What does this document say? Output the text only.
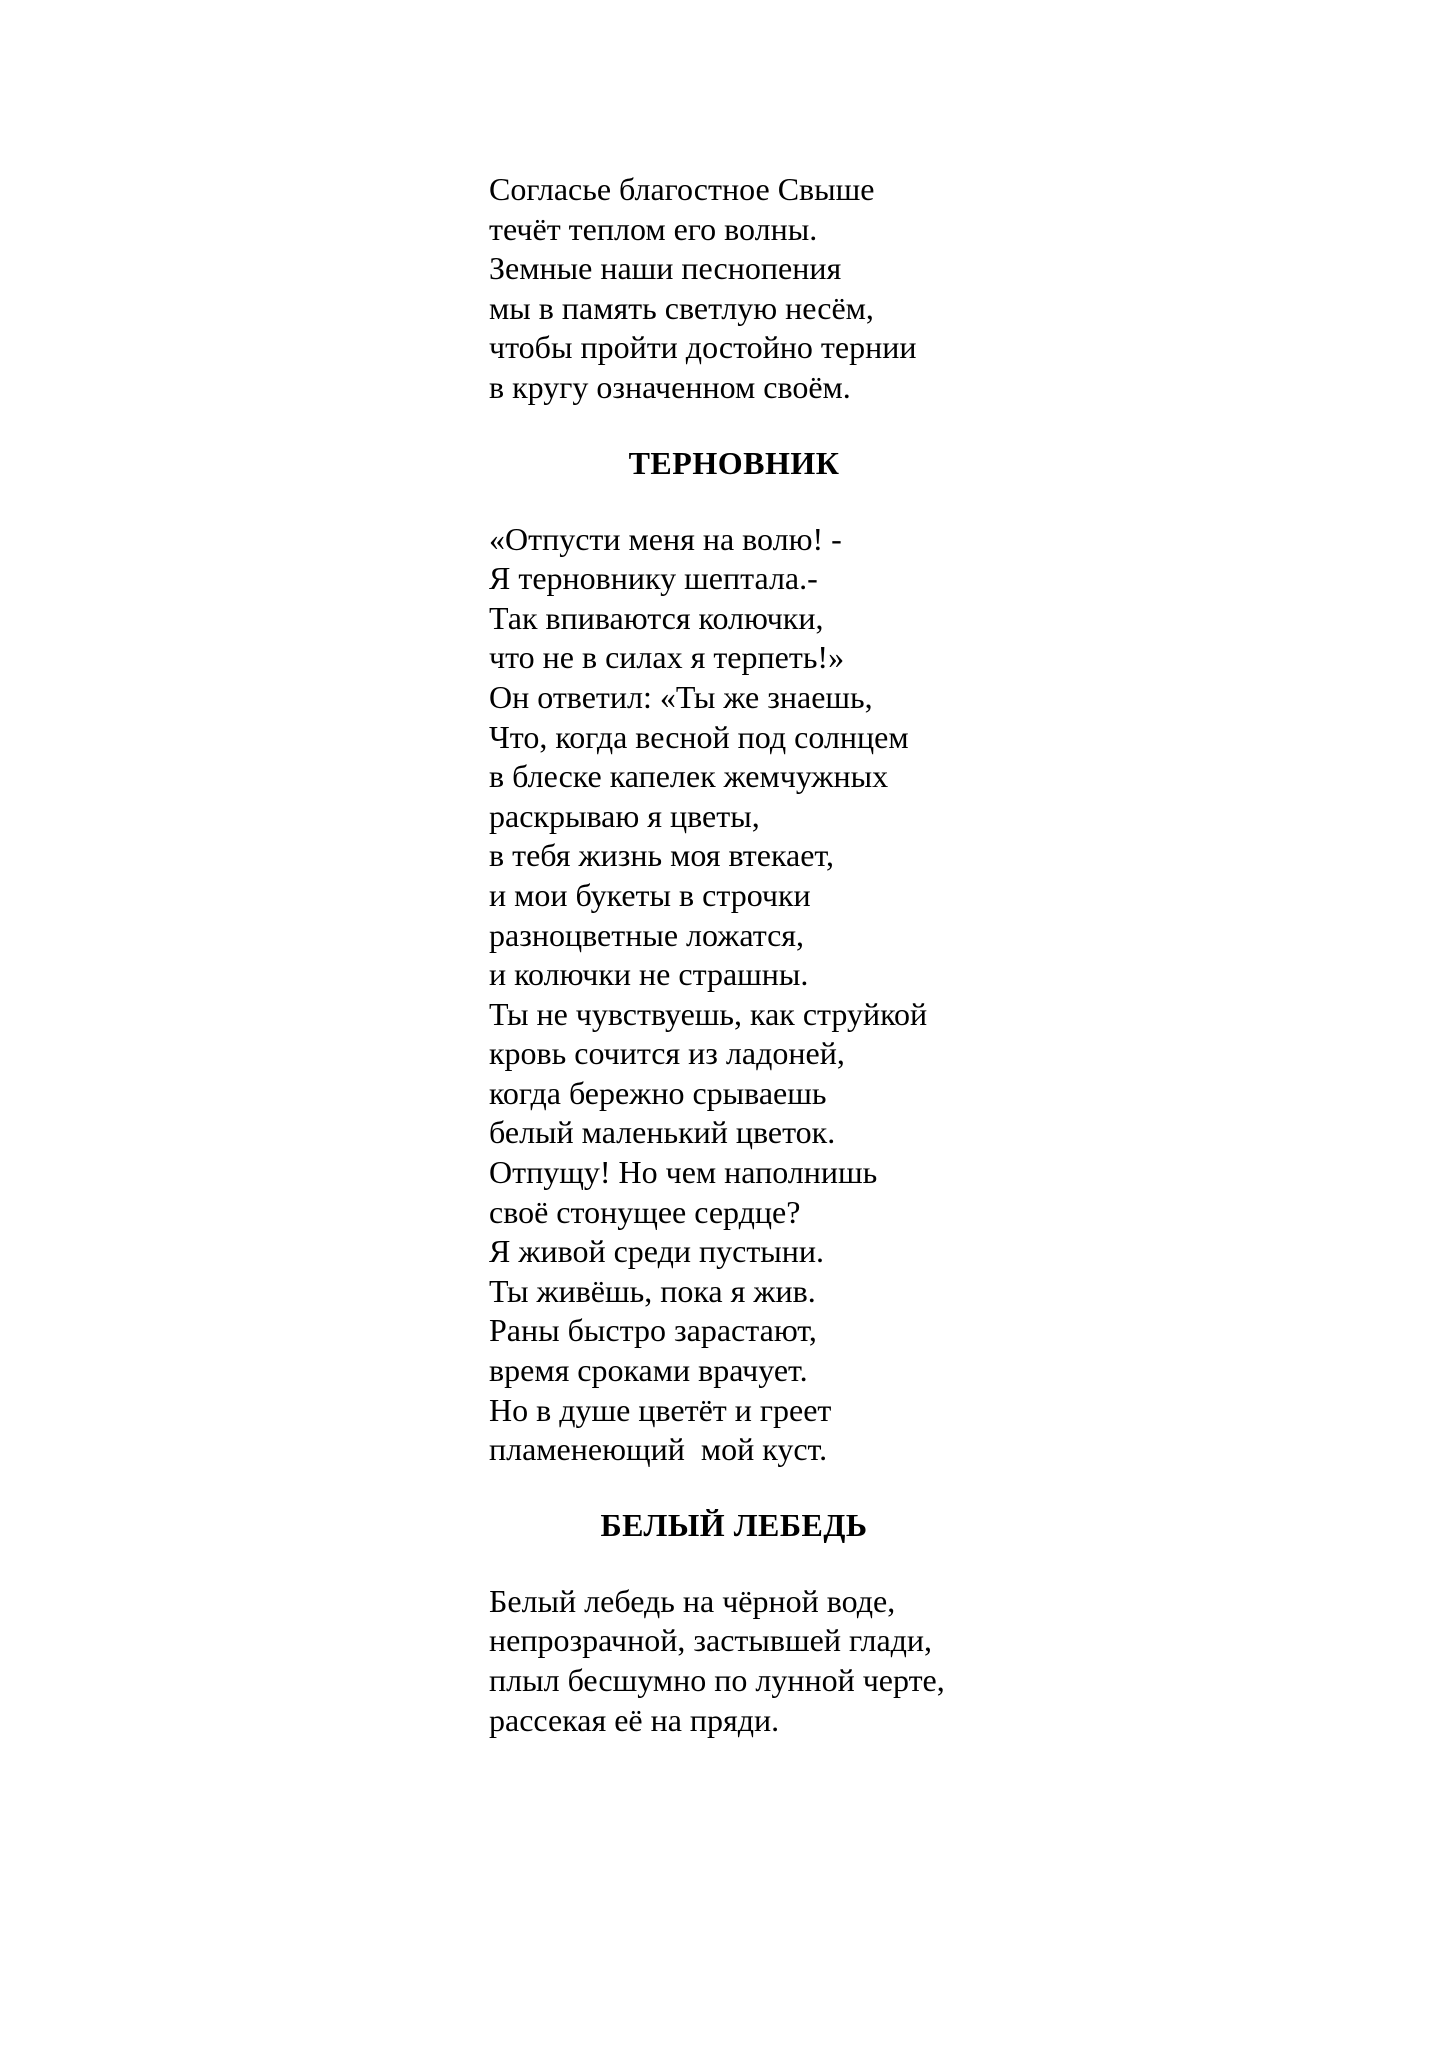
Согласье благостное Свыше
течёт теплом его волны.
Земные наши песнопения
мы в память светлую несём,
чтобы пройти достойно тернии
в кругу означенном своём.
ТЕРНОВНИК
«Отпусти меня на волю! -
Я терновнику шептала.-
Так впиваются колючки,
что не в силах я терпеть!»
Он ответил: «Ты же знаешь,
Что, когда весной под солнцем
в блеске капелек жемчужных
раскрываю я цветы,
в тебя жизнь моя втекает,
и мои букеты в строчки
разноцветные ложатся,
и колючки не страшны.
Ты не чувствуешь, как струйкой
кровь сочится из ладоней,
когда бережно срываешь
белый маленький цветок.
Отпущу! Но чем наполнишь
своё стонущее сердце?
Я живой среди пустыни.
Ты живёшь, пока я жив.
Раны быстро зарастают,
время сроками врачует.
Но в душе цветёт и греет
пламенеющий  мой куст.
БЕЛЫЙ ЛЕБЕДЬ
Белый лебедь на чёрной воде,
непрозрачной, застывшей глади,
плыл бесшумно по лунной черте,
рассекая её на пряди.
